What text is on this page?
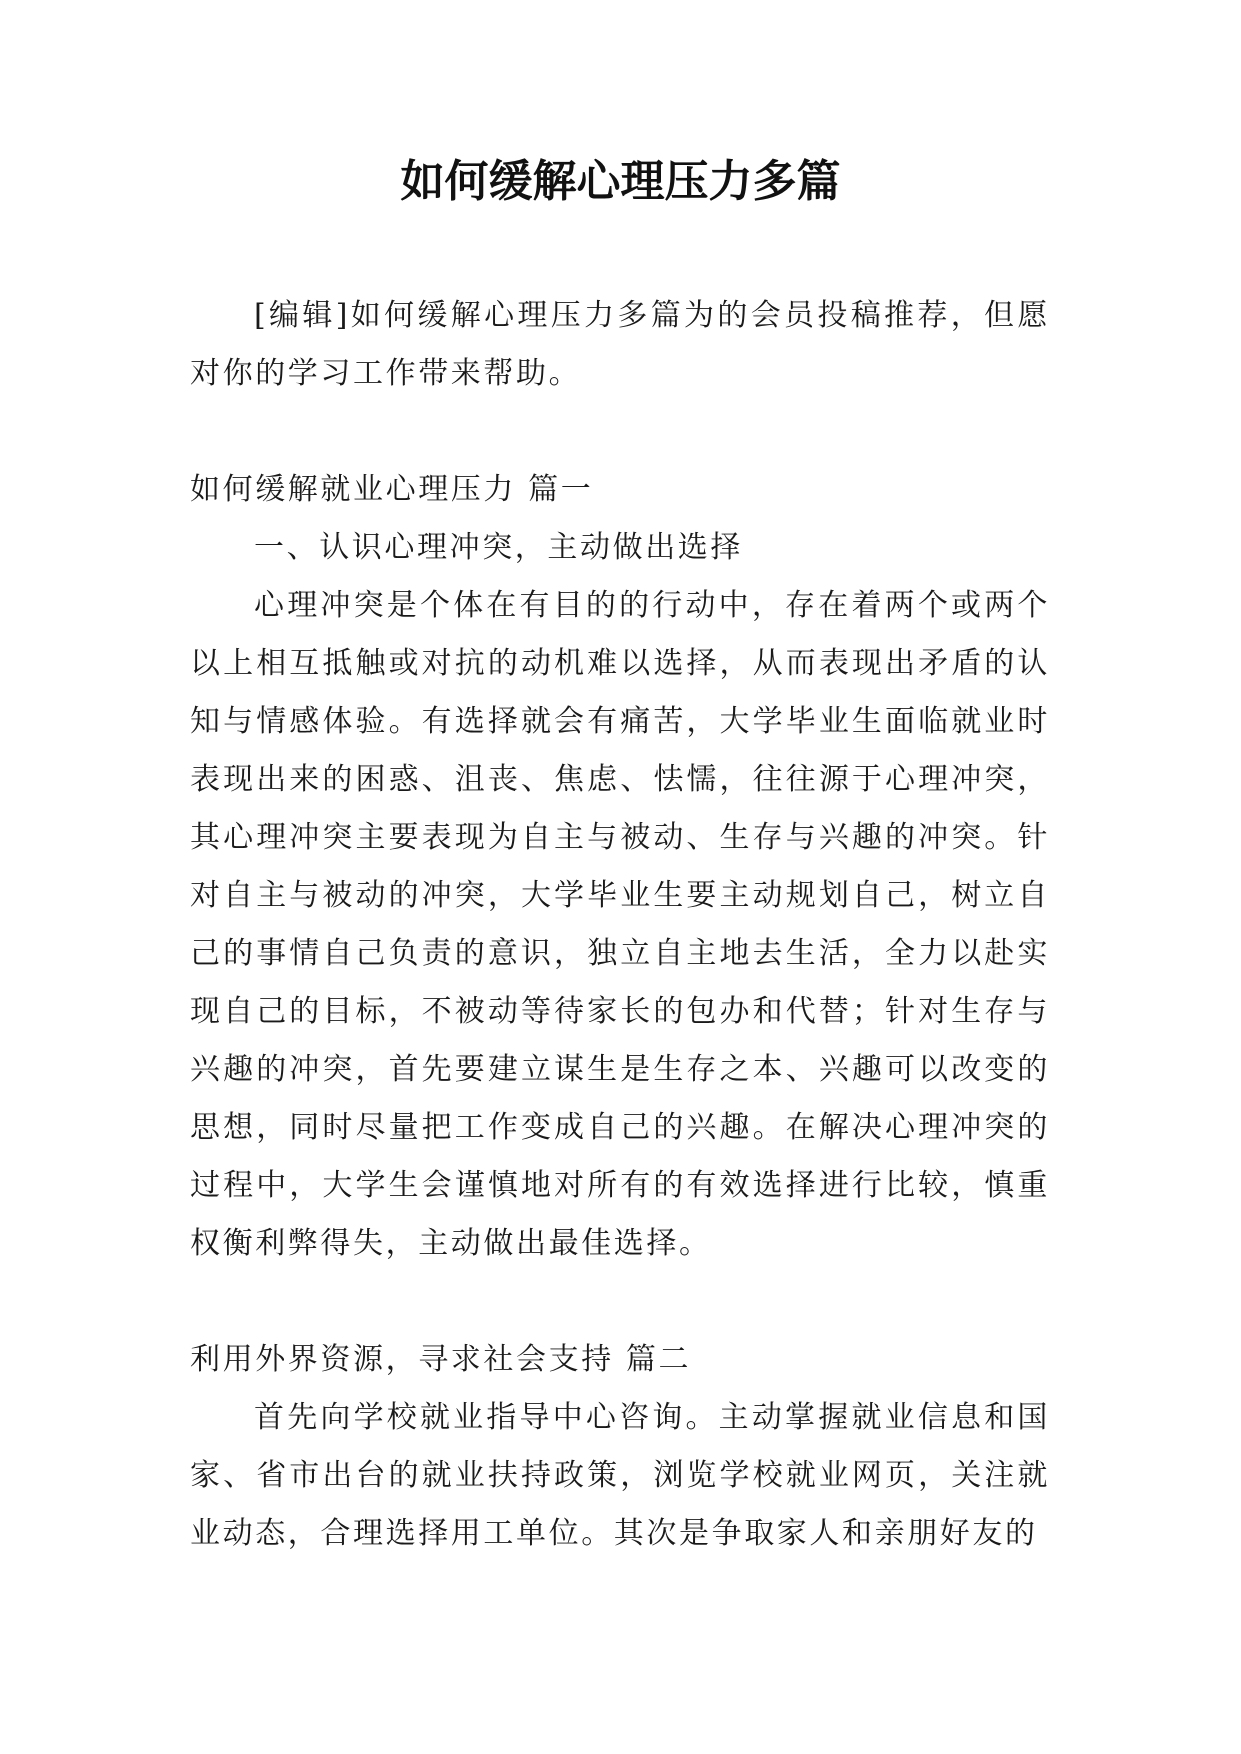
如何缓解心理压力多篇

[编辑]如何缓解心理压力多篇为的会员投稿推荐，但愿对你的学习工作带来帮助。

如何缓解就业心理压力 篇一

一、认识心理冲突，主动做出选择

心理冲突是个体在有目的的行动中，存在着两个或两个以上相互抵触或对抗的动机难以选择，从而表现出矛盾的认知与情感体验。有选择就会有痛苦，大学毕业生面临就业时表现出来的困惑、沮丧、焦虑、怯懦，往往源于心理冲突，其心理冲突主要表现为自主与被动、生存与兴趣的冲突。针对自主与被动的冲突，大学毕业生要主动规划自己，树立自己的事情自己负责的意识，独立自主地去生活，全力以赴实现自己的目标，不被动等待家长的包办和代替；针对生存与兴趣的冲突，首先要建立谋生是生存之本、兴趣可以改变的思想，同时尽量把工作变成自己的兴趣。在解决心理冲突的过程中，大学生会谨慎地对所有的有效选择进行比较，慎重权衡利弊得失，主动做出最佳选择。

利用外界资源，寻求社会支持 篇二

首先向学校就业指导中心咨询。主动掌握就业信息和国家、省市出台的就业扶持政策，浏览学校就业网页，关注就业动态，合理选择用工单位。其次是争取家人和亲朋好友的
